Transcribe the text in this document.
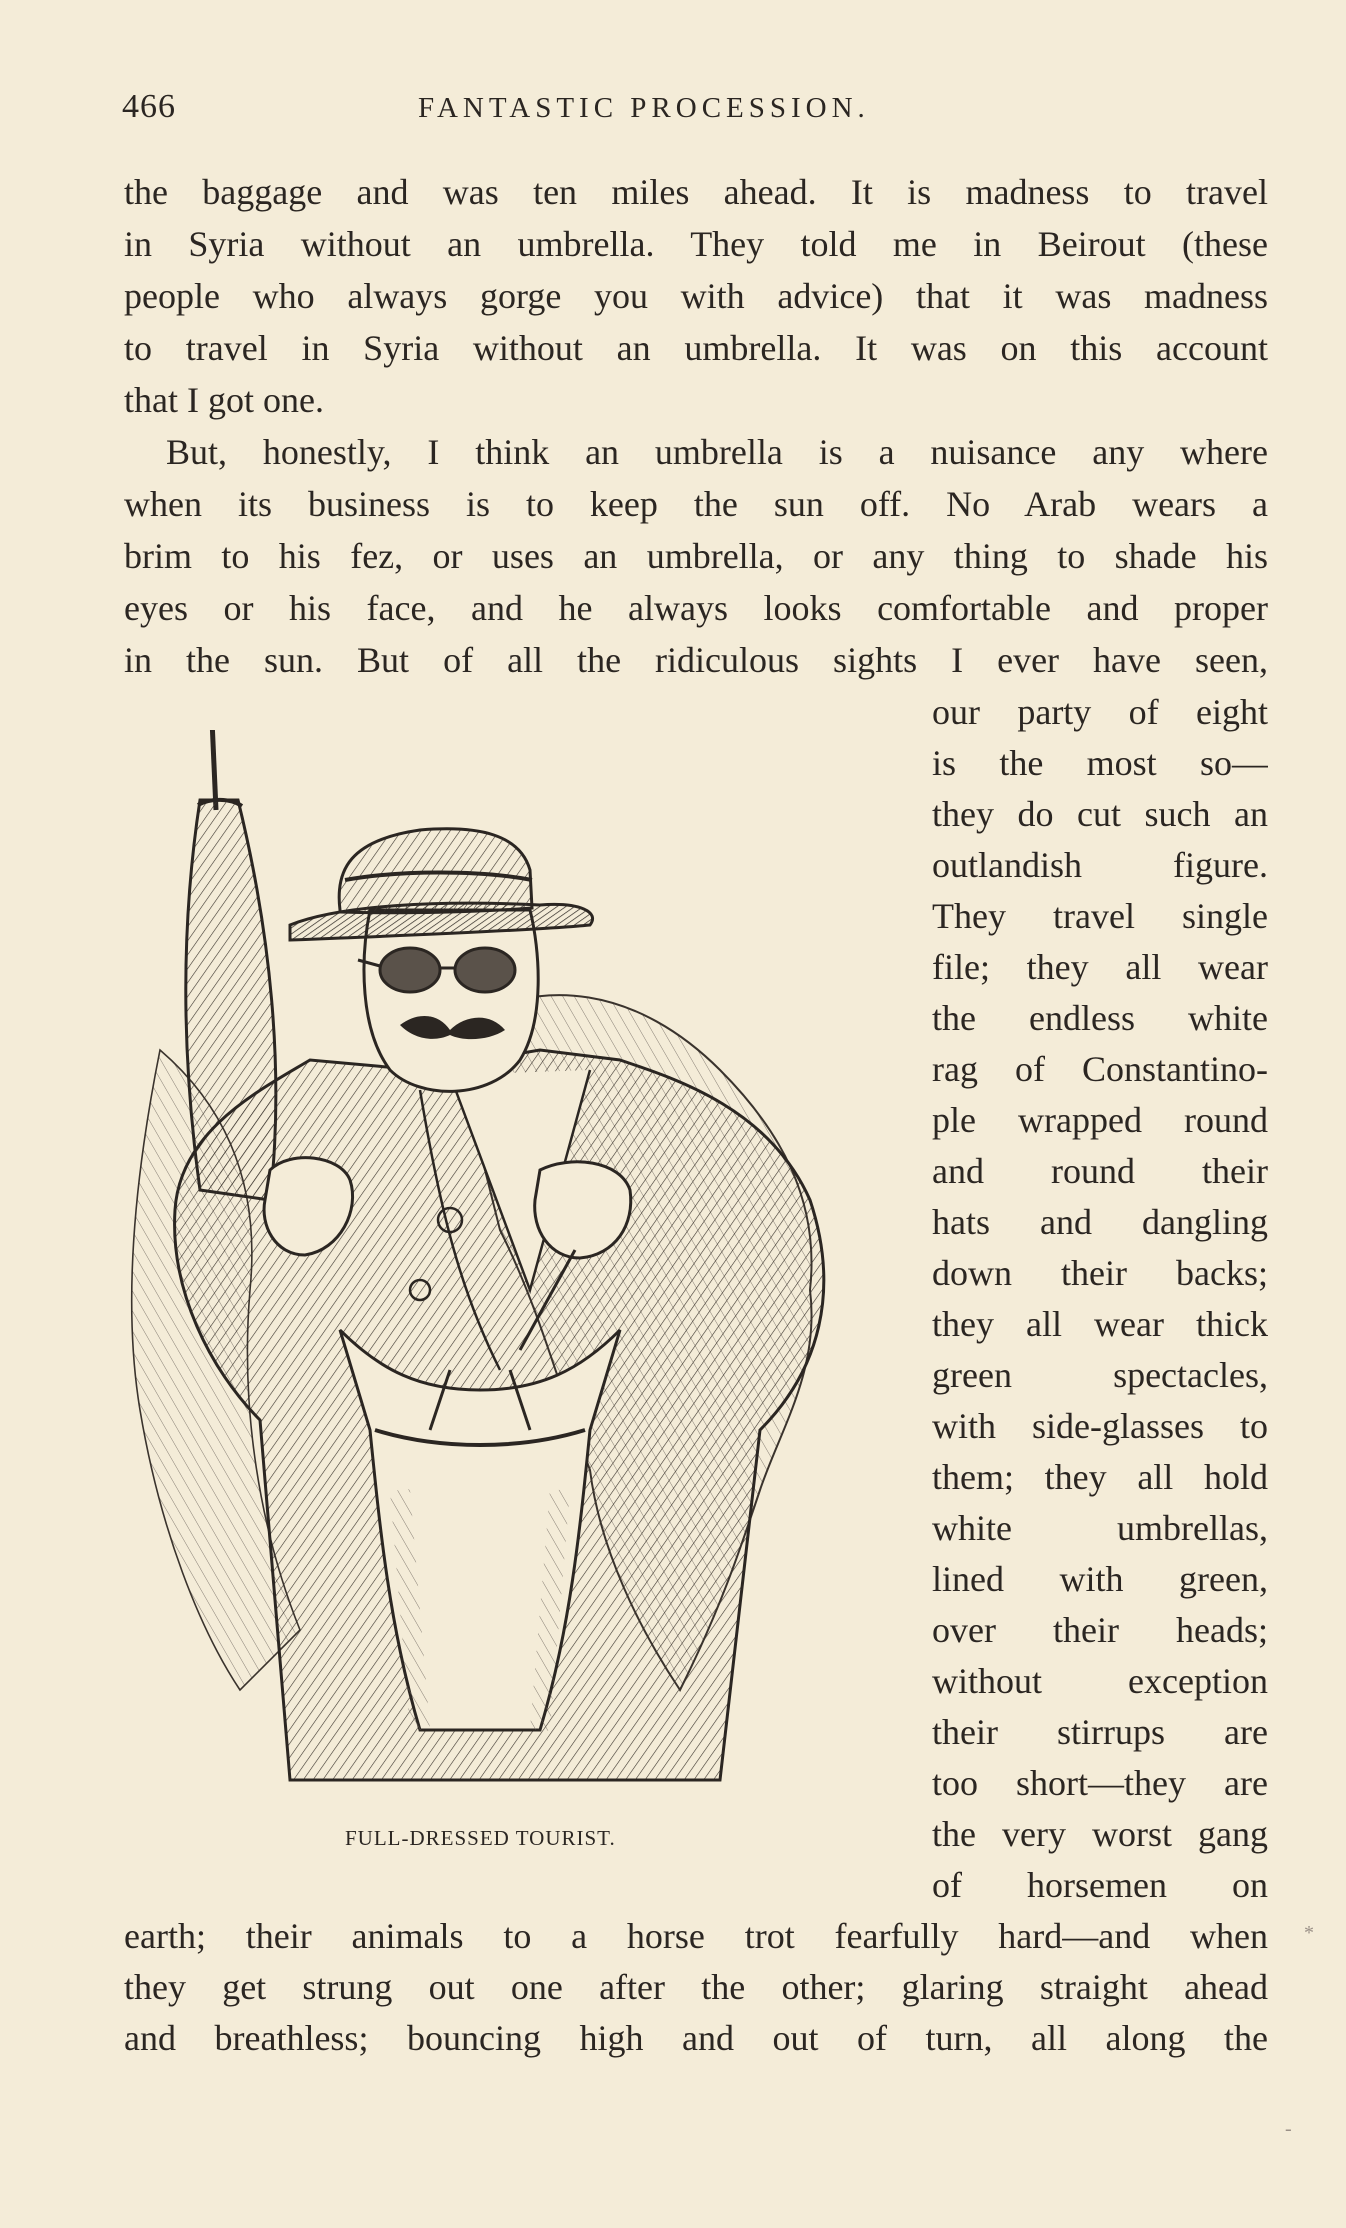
466	FANTASTIC PROCESSION.
the baggage and was ten miles ahead. It is madness to travel
in Syria without an umbrella. They told me in Beirout (these
people who always gorge you with advice) that it was madness
to travel in Syria without an umbrella. It was on this account
that I got one.
But, honestly, I think an umbrella is a nuisance any where
when its business is to keep the sun off. No Arab wears a
brim to his fez, or uses an umbrella, or any thing to shade his
eyes or his face, and he always looks comfortable and proper
in the sun. But of all the ridiculous sights I ever have seen,
our party of eight
is the most so—
they do cut such an
outlandish figure.
They travel single
file; they all wear
the endless white
rag of Constantino-
ple wrapped round
and round their
hats and dangling
down their backs;
they all wear thick
green spectacles,
with side-glasses to
them; they all hold
white umbrellas,
lined with green,
over their heads;
without exception
their stirrups are
too short—they are
the very worst gang
of horsemen on
earth; their animals to a horse trot fearfully hard—and when
they get strung out one after the other; glaring straight ahead
and breathless; bouncing high and out of turn, all along the
FULL-DRESSED TOURIST.
*
-
